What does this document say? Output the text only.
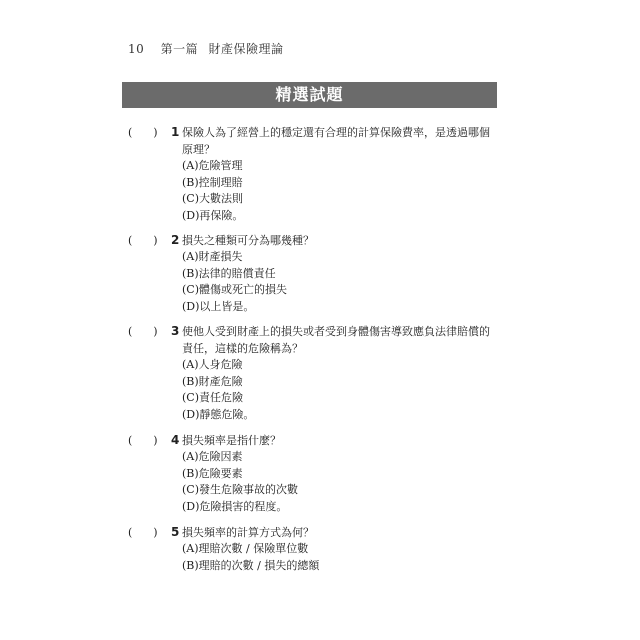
10 第一篇 財產保險理論
精選試題
(      )	1 保險人為了經營上的穩定還有合理的計算保險費率，是透過哪個原理？
(A)危險管理
(B)控制理賠
(C)大數法則
(D)再保險。
(      )	2 損失之種類可分為哪幾種？
(A)財產損失
(B)法律的賠償責任
(C)體傷或死亡的損失
(D)以上皆是。
(      )	3 使他人受到財產上的損失或者受到身體傷害導致應負法律賠償的責任，這樣的危險稱為？
(A)人身危險
(B)財產危險
(C)責任危險
(D)靜態危險。
(      )	4 損失頻率是指什麼？
(A)危險因素
(B)危險要素
(C)發生危險事故的次數
(D)危險損害的程度。
(      )	5 損失頻率的計算方式為何？
(A)理賠次數 / 保險單位數
(B)理賠的次數 / 損失的總額
